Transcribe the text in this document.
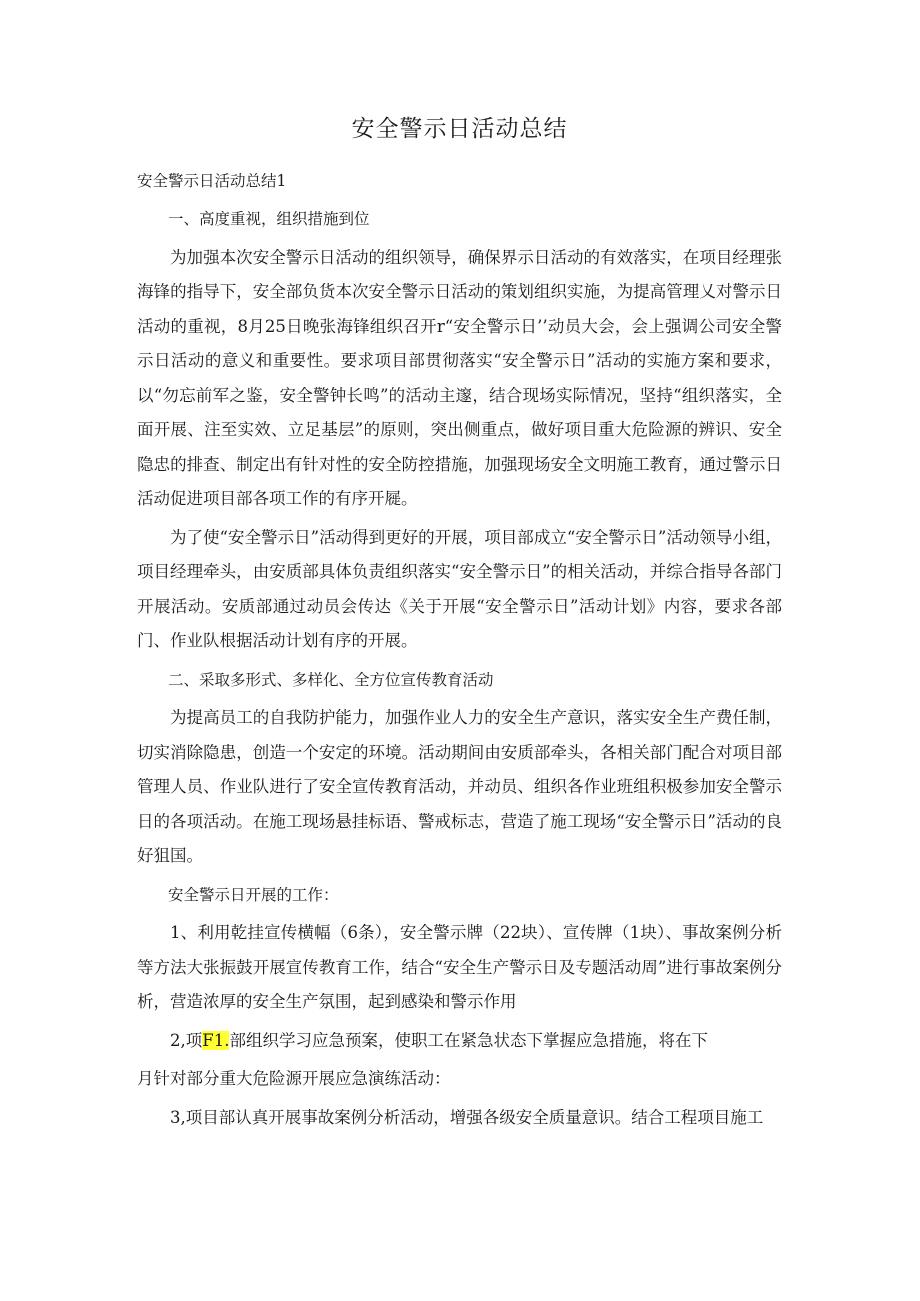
安全警示日活动总结
安全警示日活动总结1

一、高度重视，组织措施到位

为加强本次安全警示日活动的组织领导，确保界示日活动的有效落实，在项目经理张海锋的指导下，安全部负货本次安全警示日活动的策划组织实施，为提高管理乂对警示日活动的重视，8月25日晚张海锋组织召开r“安全警示日’’动员大会，会上强调公司安全警示日活动的意义和重要性。要求项目部贯彻落实“安全警示日”活动的实施方案和要求，以“勿忘前军之鉴，安全警钟长鸣”的活动主邃，结合现场实际情况，坚持“组织落实，全面开展、注至实效、立足基层”的原则，突出侧重点，做好项目重大危险源的辨识、安全隐忠的排查、制定出有针对性的安全防控措施，加强现场安全文明施工教育，通过警示日活动促进项目部各项工作的有序开屣。

为了使“安全警示日”活动得到更好的开展，项目部成立“安全警示日”活动领导小组，项目经理牵头，由安质部具体负责组织落实“安全警示日”的相关活动，并综合指导各部门开展活动。安质部通过动员会传达《关于开展“安全警示日”活动计划》内容，要求各部门、作业队根据活动计划有序的开展。

二、采取多形式、多样化、全方位宣传教育活动

为提高员工的自我防护能力，加强作业人力的安全生产意识，落实安全生产费任制，切实消除隐患，创造一个安定的环境。活动期间由安质部牵头，各相关部门配合对项目部管理人员、作业队进行了安全宣传教育活动，并动员、组织各作业班组积极参加安全警示日的各项活动。在施工现场悬挂标语、警戒标志，营造了施工现场“安全警示日”活动的良好狙国。

安全警示日开展的工作：

1、利用乾挂宣传横幅（6条），安全警示牌（22块）、宣传牌（1块）、事故案例分析等方法大张振鼓开展宣传教育工作，结合“安全生产警示日及专题活动周”进行事故案例分析，营造浓厚的安全生产氛围，起到感染和警示作用

2,项F1.部组织学习应急预案，使职工在紧急状态下掌握应急措施，将在下

月针对部分重大危险源开展应急演练活动：

3,项目部认真开展事故案例分析活动，增强各级安全质量意识。结合工程项目施工
